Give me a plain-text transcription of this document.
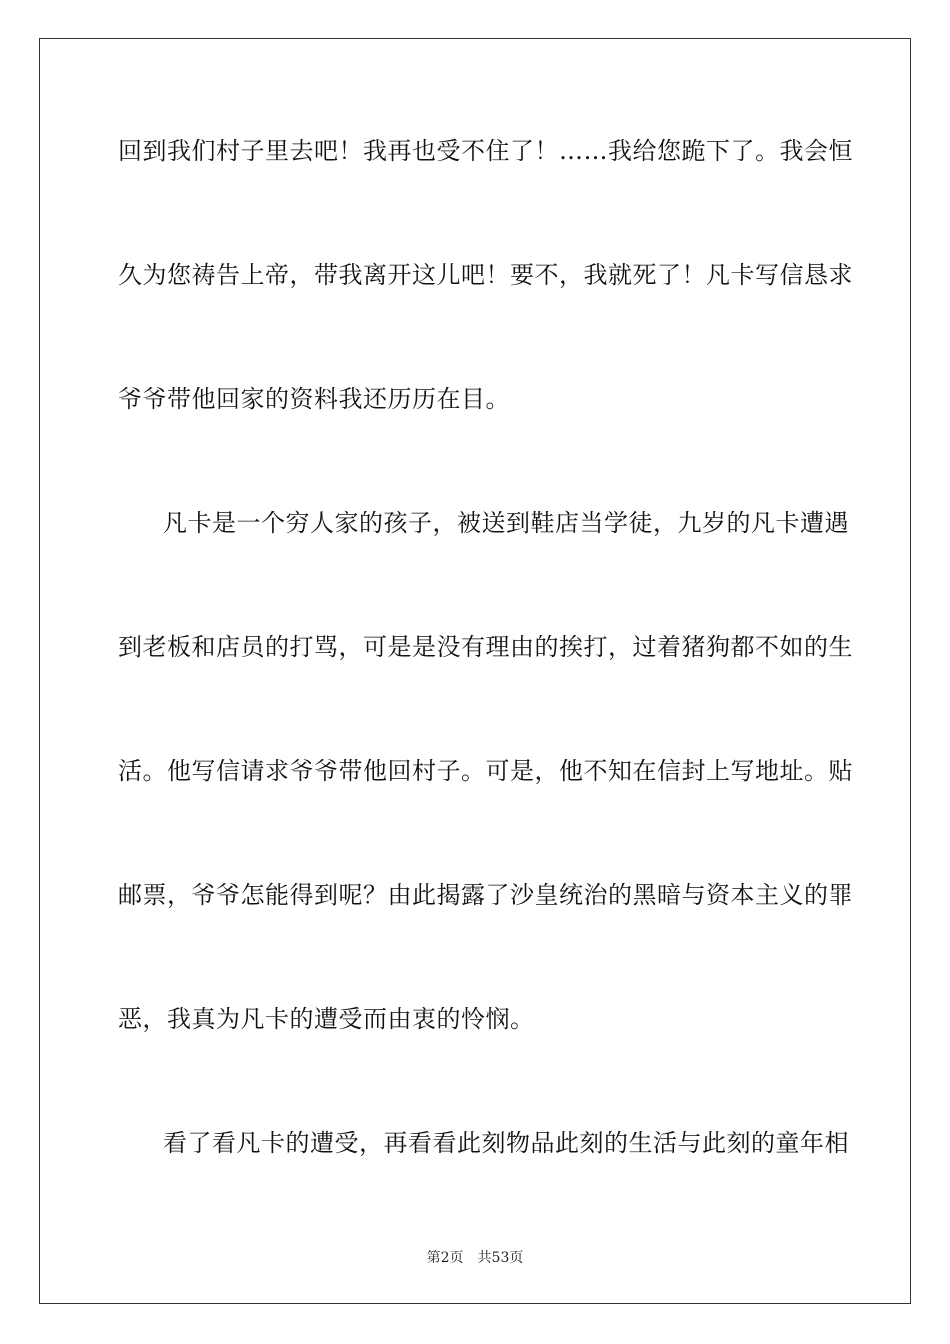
回到我们村子里去吧！我再也受不住了！……我给您跪下了。我会恒
久为您祷告上帝，带我离开这儿吧！要不，我就死了！凡卡写信恳求
爷爷带他回家的资料我还历历在目。
凡卡是一个穷人家的孩子，被送到鞋店当学徒，九岁的凡卡遭遇
到老板和店员的打骂，可是是没有理由的挨打，过着猪狗都不如的生
活。他写信请求爷爷带他回村子。可是，他不知在信封上写地址。贴
邮票，爷爷怎能得到呢？由此揭露了沙皇统治的黑暗与资本主义的罪
恶，我真为凡卡的遭受而由衷的怜悯。
看了看凡卡的遭受，再看看此刻物品此刻的生活与此刻的童年相
第2页 共53页
